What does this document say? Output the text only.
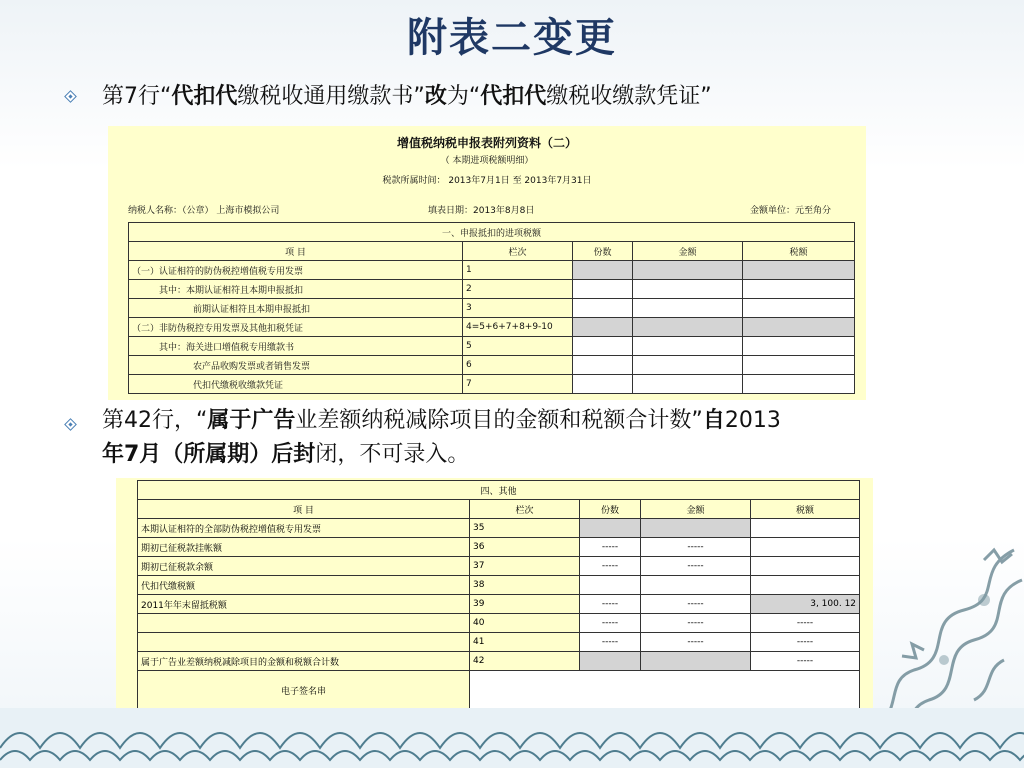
附表二变更
第7行“代扣代缴税收通用缴款书”改为“代扣代缴税收缴款凭证”
增值税纳税申报表附列资料（二）
（ 本期进项税额明细）
税款所属时间： 2013年7月1日 至 2013年7月31日
纳税人名称：（公章） 上海市模拟公司	填表日期：2013年8月8日	金额单位：元至角分
一、申报抵扣的进项税额				
项 目	栏次	份数	金额	税额
（一）认证相符的防伪税控增值税专用发票	1			
其中：本期认证相符且本期申报抵扣	2			
前期认证相符且本期申报抵扣	3			
（二）非防伪税控专用发票及其他扣税凭证	4=5+6+7+8+9-10			
其中：海关进口增值税专用缴款书	5			
农产品收购发票或者销售发票	6			
代扣代缴税收缴款凭证	7			
第42行，“属于广告业差额纳税减除项目的金额和税额合计数”自2013
年7月（所属期）后封闭，不可录入。
四、其他				
项 目	栏次	份数	金额	税额
本期认证相符的全部防伪税控增值税专用发票	35			
期初已征税款挂帐额	36	-----	-----	
期初已征税款余额	37	-----	-----	
代扣代缴税额	38			
2011年年末留抵税额	39	-----	-----	3, 100. 12
	40	-----	-----	-----
	41	-----	-----	-----
属于广告业差额纳税减除项目的金额和税额合计数	42			-----
电子签名串				
